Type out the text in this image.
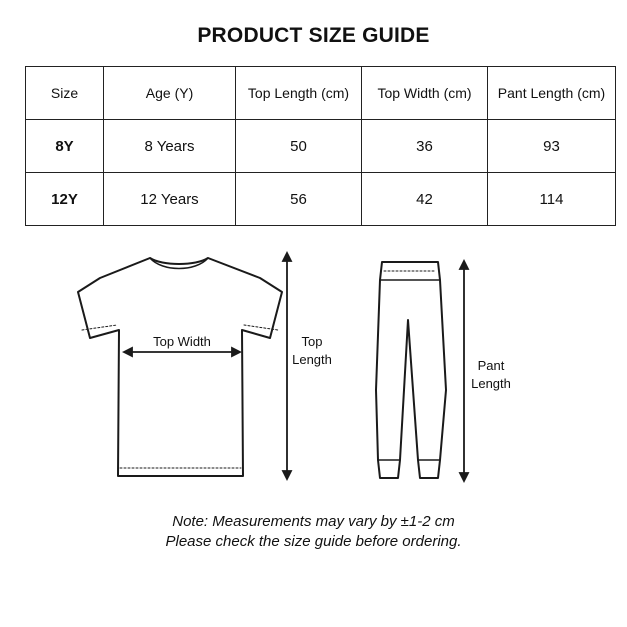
PRODUCT SIZE GUIDE
Size	Age (Y)	Top Length (cm)	Top Width (cm)	Pant Length (cm)
8Y	8 Years	50	36	93
12Y	12 Years	56	42	114
Top Width	Top
Length	Pant
Length
Note: Measurements may vary by ±1-2 cm
Please check the size guide before ordering.
